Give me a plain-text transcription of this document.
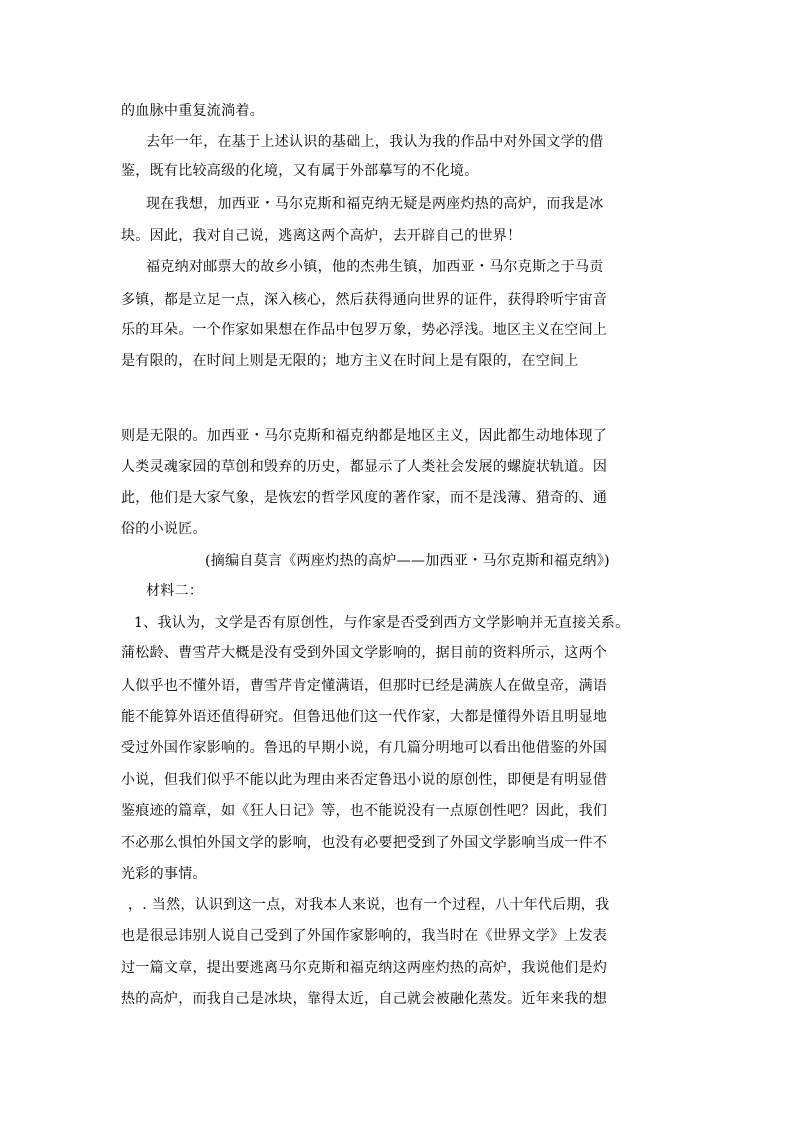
的血脉中重复流淌着。
去年一年，在基于上述认识的基础上，我认为我的作品中对外国文学的借
鉴，既有比较高级的化境，又有属于外部摹写的不化境。
现在我想，加西亚・马尔克斯和福克纳无疑是两座灼热的高炉，而我是冰
块。因此，我对自己说，逃离这两个高炉，去开辟自己的世界！
福克纳对邮票大的故乡小镇，他的杰弗生镇，加西亚・马尔克斯之于马贡
多镇，都是立足一点，深入核心，然后获得通向世界的证件，获得聆听宇宙音
乐的耳朵。一个作家如果想在作品中包罗万象，势必浮浅。地区主义在空间上
是有限的，在时间上则是无限的；地方主义在时间上是有限的，在空间上
则是无限的。加西亚・马尔克斯和福克纳都是地区主义，因此都生动地体现了
人类灵魂家园的草创和毁弃的历史，都显示了人类社会发展的螺旋状轨道。因
此，他们是大家气象，是恢宏的哲学风度的著作家，而不是浅薄、猎奇的、通
俗的小说匠。
(摘编自莫言《两座灼热的高炉——加西亚・马尔克斯和福克纳》)
材料二：
1、我认为，文学是否有原创性，与作家是否受到西方文学影响并无直接关系。
蒲松龄、曹雪芹大概是没有受到外国文学影响的，据目前的资料所示，这两个
人似乎也不懂外语，曹雪芹肯定懂满语，但那时已经是满族人在做皇帝，满语
能不能算外语还值得研究。但鲁迅他们这一代作家，大都是懂得外语且明显地
受过外国作家影响的。鲁迅的早期小说，有几篇分明地可以看出他借鉴的外国
小说，但我们似乎不能以此为理由来否定鲁迅小说的原创性，即便是有明显借
鉴痕迹的篇章，如《狂人日记》等，也不能说没有一点原创性吧？因此，我们
不必那么惧怕外国文学的影响，也没有必要把受到了外国文学影响当成一件不
光彩的事情。
，. 当然，认识到这一点，对我本人来说，也有一个过程，八十年代后期，我
也是很忌讳别人说自己受到了外国作家影响的，我当时在《世界文学》上发表
过一篇文章，提出要逃离马尔克斯和福克纳这两座灼热的高炉，我说他们是灼
热的高炉，而我自己是冰块，靠得太近，自己就会被融化蒸发。近年来我的想
